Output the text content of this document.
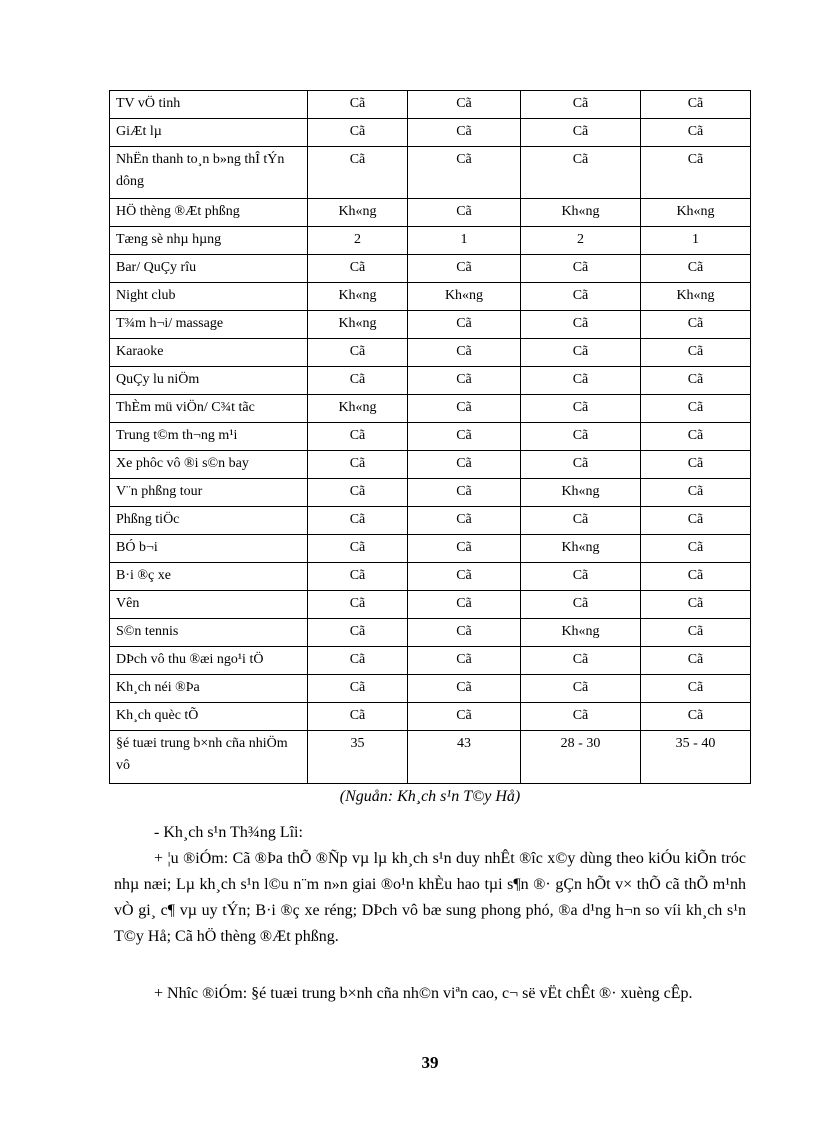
TV vÖ tinh	Cã	Cã	Cã	Cã
GiÆt lµ	Cã	Cã	Cã	Cã
NhËn thanh to¸n b»ng thÎ tÝn dông	Cã	Cã	Cã	Cã
HÖ thèng ®Æt phßng	Kh«ng	Cã	Kh«ng	Kh«ng
Tæng sè nhµ hµng	2	1	2	1
Bar/ QuÇy rîu	Cã	Cã	Cã	Cã
Night club	Kh«ng	Kh«ng	Cã	Kh«ng
T¾m h¬i/ massage	Kh«ng	Cã	Cã	Cã
Karaoke	Cã	Cã	Cã	Cã
QuÇy lu niÖm	Cã	Cã	Cã	Cã
ThÈm mü viÖn/ C¾t tãc	Kh«ng	Cã	Cã	Cã
Trung t©m th¬ng m¹i	Cã	Cã	Cã	Cã
Xe phôc vô ®i s©n bay	Cã	Cã	Cã	Cã
V¨n phßng tour	Cã	Cã	Kh«ng	Cã
Phßng tiÖc	Cã	Cã	Cã	Cã
BÓ b¬i	Cã	Cã	Kh«ng	Cã
B·i ®ç xe	Cã	Cã	Cã	Cã
Vên	Cã	Cã	Cã	Cã
S©n tennis	Cã	Cã	Kh«ng	Cã
DÞch vô thu ®æi ngo¹i tÖ	Cã	Cã	Cã	Cã
Kh¸ch néi ®Þa	Cã	Cã	Cã	Cã
Kh¸ch quèc tÕ	Cã	Cã	Cã	Cã
§é tuæi trung b×nh cña nhiÖm vô	35	43	28 - 30	35 - 40
(Nguån: Kh¸ch s¹n T©y Hå)
- Kh¸ch s¹n Th¾ng Lîi:
+ ¦u ®iÓm: Cã ®Þa thÕ ®Ñp vµ lµ kh¸ch s¹n duy nhÊt ®îc x©y dùng theo kiÓu kiÕn tróc nhµ næi; Lµ kh¸ch s¹n l©u n¨m n»n giai ®o¹n khÈu hao tµi s¶n ®· gÇn hÕt v× thÕ cã thÕ m¹nh vÒ gi¸ c¶ vµ uy tÝn; B·i ®ç xe réng; DÞch vô bæ sung phong phó, ®a d¹ng h¬n so víi kh¸ch s¹n T©y Hå; Cã hÖ thèng ®Æt phßng.
+ Nhîc ®iÓm: §é tuæi trung b×nh cña nh©n viªn cao, c¬ së vËt chÊt ®· xuèng cÊp.
39
